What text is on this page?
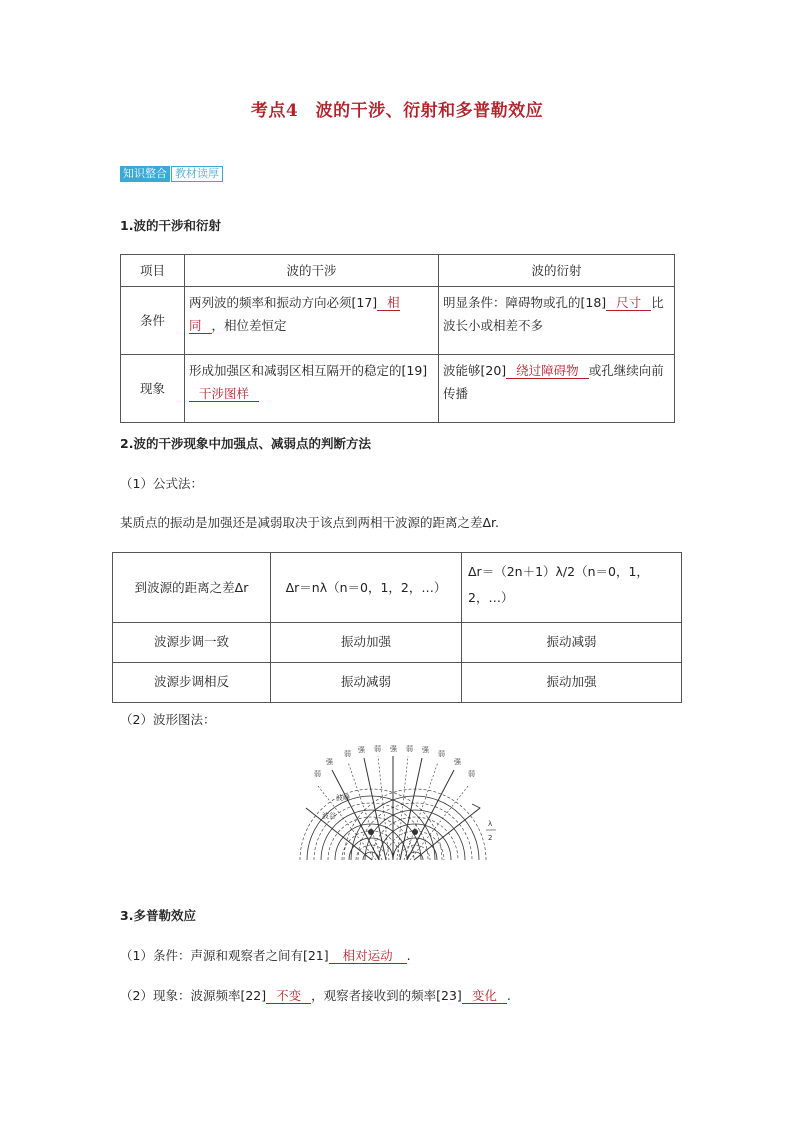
考点4　波的干涉、衍射和多普勒效应
知识整合 教材读厚
1.波的干涉和衍射
项目	波的干涉	波的衍射
条件	两列波的频率和振动方向必须[17] 相同 ，相位差恒定	明显条件：障碍物或孔的[18] 尺寸 比波长小或相差不多
现象	形成加强区和减弱区相互隔开的稳定的[19]干涉图样	波能够[20] 绕过障碍物 或孔继续向前传播
2.波的干涉现象中加强点、减弱点的判断方法
（1）公式法：
某质点的振动是加强还是减弱取决于该点到两相干波源的距离之差Δr.
到波源的距离之差Δr	Δr＝nλ（n＝0，1，2，…）	Δr＝（2n＋1）λ/2（n＝0，1，2，…）
波源步调一致	振动加强	振动减弱
波源步调相反	振动减弱	振动加强
（2）波形图法：
弱
强
弱 强 弱 强 弱 强 弱
强
弱
波谷
波峰
λ
2
3.多普勒效应
（1）条件：声源和观察者之间有[21] 相对运动 .
（2）现象：波源频率[22] 不变 ，观察者接收到的频率[23] 变化 .
